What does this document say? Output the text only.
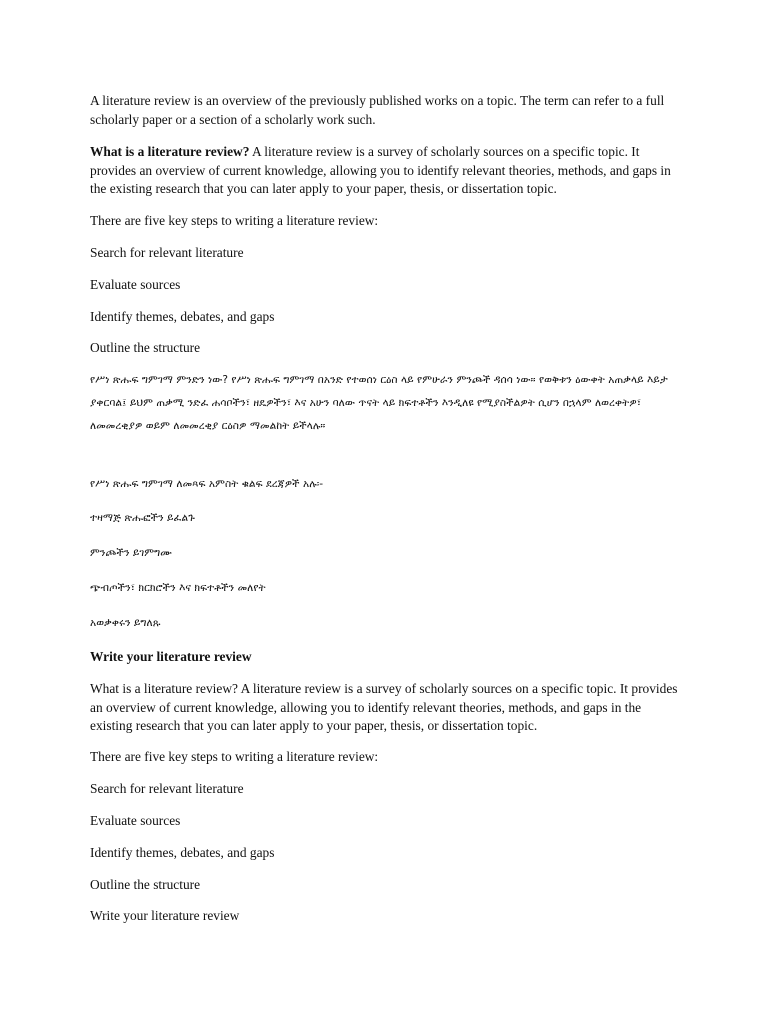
A literature review is an overview of the previously published works on a topic. The term can refer to a full scholarly paper or a section of a scholarly work such.

What is a literature review? A literature review is a survey of scholarly sources on a specific topic. It provides an overview of current knowledge, allowing you to identify relevant theories, methods, and gaps in the existing research that you can later apply to your paper, thesis, or dissertation topic.

There are five key steps to writing a literature review:

Search for relevant literature

Evaluate sources

Identify themes, debates, and gaps

Outline the structure

የሥነ ጽሑፍ ግምገማ ምንድን ነው? የሥነ ጽሑፍ ግምገማ በአንድ የተወሰነ ርዕስ ላይ የምሁራን ምንጮች ዳሰሳ ነው። የወቅቱን ዕውቀት አጠቃላይ እይታ ያቀርባል፤ ይህም ጠቃሚ ንድፈ ሐሳቦችን፣ ዘዴዎችን፣ እና አሁን ባለው ጥናት ላይ ክፍተቶችን እንዲለዩ የሚያስችልዎት ሲሆን በኋላም ለወረቀትዎ፣ ለመመረቂያዎ ወይም ለመመረቂያ ርዕስዎ ማመልከት ይችላሉ።

የሥነ ጽሑፍ ግምገማ ለመጻፍ አምስት ቁልፍ ደረጃዎች አሉ፡-

ተዛማጅ ጽሑፎችን ይፈልጉ

ምንጮችን ይገምግሙ

ጭብጦችን፣ ክርክሮችን እና ክፍተቶችን መለየት

አወቃቀሩን ይግለጹ

Write your literature review

What is a literature review? A literature review is a survey of scholarly sources on a specific topic. It provides an overview of current knowledge, allowing you to identify relevant theories, methods, and gaps in the existing research that you can later apply to your paper, thesis, or dissertation topic.

There are five key steps to writing a literature review:

Search for relevant literature

Evaluate sources

Identify themes, debates, and gaps

Outline the structure

Write your literature review
